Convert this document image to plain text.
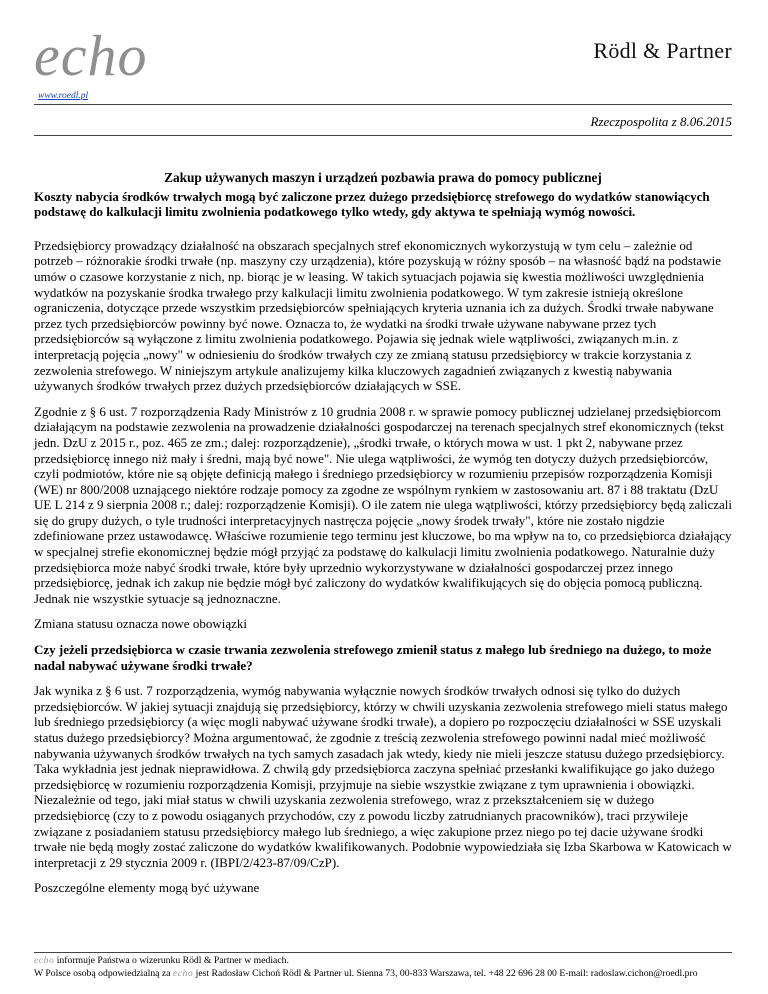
echo
www.roedl.pl
Rödl & Partner
Rzeczpospolita z 8.06.2015
Zakup używanych maszyn i urządzeń pozbawia prawa do pomocy publicznej
Koszty nabycia środków trwałych mogą być zaliczone przez dużego przedsiębiorcę strefowego do wydatków stanowiących podstawę do kalkulacji limitu zwolnienia podatkowego tylko wtedy, gdy aktywa te spełniają wymóg nowości.

Przedsiębiorcy prowadzący działalność na obszarach specjalnych stref ekonomicznych wykorzystują w tym celu – zależnie od potrzeb – różnorakie środki trwałe (np. maszyny czy urządzenia), które pozyskują w różny sposób – na własność bądź na podstawie umów o czasowe korzystanie z nich, np. biorąc je w leasing. W takich sytuacjach pojawia się kwestia możliwości uwzględnienia wydatków na pozyskanie środka trwałego przy kalkulacji limitu zwolnienia podatkowego. W tym zakresie istnieją określone ograniczenia, dotyczące przede wszystkim przedsiębiorców spełniających kryteria uznania ich za dużych. Środki trwałe nabywane przez tych przedsiębiorców powinny być nowe. Oznacza to, że wydatki na środki trwałe używane nabywane przez tych przedsiębiorców są wyłączone z limitu zwolnienia podatkowego. Pojawia się jednak wiele wątpliwości, związanych m.in. z interpretacją pojęcia „nowy" w odniesieniu do środków trwałych czy ze zmianą statusu przedsiębiorcy w trakcie korzystania z zezwolenia strefowego. W niniejszym artykule analizujemy kilka kluczowych zagadnień związanych z kwestią nabywania używanych środków trwałych przez dużych przedsiębiorców działających w SSE.

Zgodnie z § 6 ust. 7 rozporządzenia Rady Ministrów z 10 grudnia 2008 r. w sprawie pomocy publicznej udzielanej przedsiębiorcom działającym na podstawie zezwolenia na prowadzenie działalności gospodarczej na terenach specjalnych stref ekonomicznych (tekst jedn. DzU z 2015 r., poz. 465 ze zm.; dalej: rozporządzenie), „środki trwałe, o których mowa w ust. 1 pkt 2, nabywane przez przedsiębiorcę innego niż mały i średni, mają być nowe". Nie ulega wątpliwości, że wymóg ten dotyczy dużych przedsiębiorców, czyli podmiotów, które nie są objęte definicją małego i średniego przedsiębiorcy w rozumieniu przepisów rozporządzenia Komisji (WE) nr 800/2008 uznającego niektóre rodzaje pomocy za zgodne ze wspólnym rynkiem w zastosowaniu art. 87 i 88 traktatu (DzU UE L 214 z 9 sierpnia 2008 r.; dalej: rozporządzenie Komisji). O ile zatem nie ulega wątpliwości, którzy przedsiębiorcy będą zaliczali się do grupy dużych, o tyle trudności interpretacyjnych nastręcza pojęcie „nowy środek trwały", które nie zostało nigdzie zdefiniowane przez ustawodawcę. Właściwe rozumienie tego terminu jest kluczowe, bo ma wpływ na to, co przedsiębiorca działający w specjalnej strefie ekonomicznej będzie mógł przyjąć za podstawę do kalkulacji limitu zwolnienia podatkowego. Naturalnie duży przedsiębiorca może nabyć środki trwałe, które były uprzednio wykorzystywane w działalności gospodarczej przez innego przedsiębiorcę, jednak ich zakup nie będzie mógł być zaliczony do wydatków kwalifikujących się do objęcia pomocą publiczną. Jednak nie wszystkie sytuacje są jednoznaczne.

Zmiana statusu oznacza nowe obowiązki
Czy jeżeli przedsiębiorca w czasie trwania zezwolenia strefowego zmienił status z małego lub średniego na dużego, to może nadal nabywać używane środki trwałe?

Jak wynika z § 6 ust. 7 rozporządzenia, wymóg nabywania wyłącznie nowych środków trwałych odnosi się tylko do dużych przedsiębiorców. W jakiej sytuacji znajdują się przedsiębiorcy, którzy w chwili uzyskania zezwolenia strefowego mieli status małego lub średniego przedsiębiorcy (a więc mogli nabywać używane środki trwałe), a dopiero po rozpoczęciu działalności w SSE uzyskali status dużego przedsiębiorcy? Można argumentować, że zgodnie z treścią zezwolenia strefowego powinni nadal mieć możliwość nabywania używanych środków trwałych na tych samych zasadach jak wtedy, kiedy nie mieli jeszcze statusu dużego przedsiębiorcy. Taka wykładnia jest jednak nieprawidłowa. Z chwilą gdy przedsiębiorca zaczyna spełniać przesłanki kwalifikujące go jako dużego przedsiębiorcę w rozumieniu rozporządzenia Komisji, przyjmuje na siebie wszystkie związane z tym uprawnienia i obowiązki. Niezależnie od tego, jaki miał status w chwili uzyskania zezwolenia strefowego, wraz z przekształceniem się w dużego przedsiębiorcę (czy to z powodu osiąganych przychodów, czy z powodu liczby zatrudnianych pracowników), traci przywileje związane z posiadaniem statusu przedsiębiorcy małego lub średniego, a więc zakupione przez niego po tej dacie używane środki trwałe nie będą mogły zostać zaliczone do wydatków kwalifikowanych. Podobnie wypowiedziała się Izba Skarbowa w Katowicach w interpretacji z 29 stycznia 2009 r. (IBPI/2/423-87/09/CzP).

Poszczególne elementy mogą być używane
echo informuje Państwa o wizerunku Rödl & Partner w mediach.
W Polsce osobą odpowiedzialną za echo jest Radosław Cichoń Rödl & Partner ul. Sienna 73, 00-833 Warszawa, tel. +48 22 696 28 00 E-mail: radoslaw.cichon@roedl.pro
